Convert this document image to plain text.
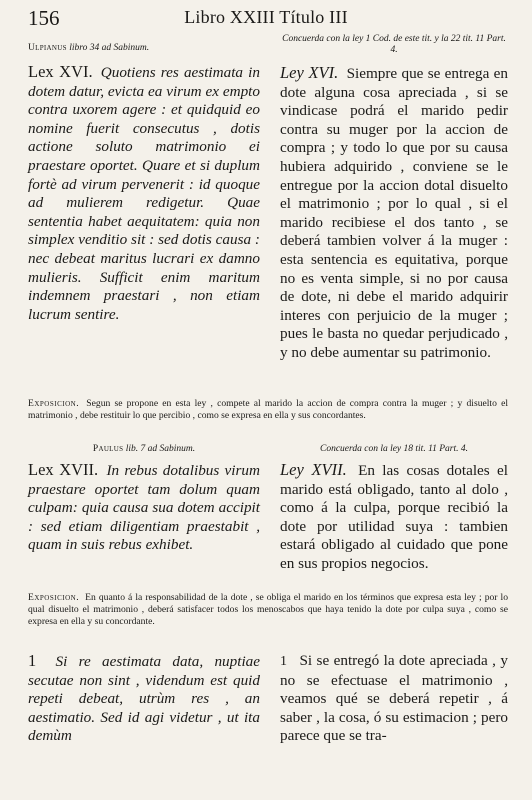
156	Libro XXIII Título III
Ulpianus libro 34 ad Sabinum.
Lex XVI. Quotiens res aestimata in dotem datur, evicta ea virum ex empto contra uxorem agere : et quidquid eo nomine fuerit consecutus , dotis actione soluto matrimonio ei praestare oportet. Quare et si duplum fortè ad virum pervenerit : id quoque ad mulierem redigetur. Quae sententia habet aequitatem: quia non simplex venditio sit : sed dotis causa : nec debeat maritus lucrari ex damno mulieris. Sufficit enim maritum indemnem praestari , non etiam lucrum sentire.
Concuerda con la ley 1 Cod. de este tit. y la 22 tit. 11 Part. 4.
Ley XVI. Siempre que se entrega en dote alguna cosa apreciada , si se vindicase podrá el marido pedir contra su muger por la accion de compra ; y todo lo que por su causa hubiera adquirido , conviene se le entregue por la accion dotal disuelto el matrimonio ; por lo qual , si el marido recibiese el dos tanto , se deberá tambien volver á la muger : esta sentencia es equitativa, porque no es venta simple, si no por causa de dote, ni debe el marido adquirir interes con perjuicio de la muger ; pues le basta no quedar perjudicado , y no debe aumentar su patrimonio.
Exposicion. Segun se propone en esta ley , compete al marido la accion de compra contra la muger ; y disuelto el matrimonio , debe restituir lo que percibio , como se expresa en ella y sus concordantes.
Paulus lib. 7 ad Sabinum.
Lex XVII. In rebus dotalibus virum praestare oportet tam dolum quam culpam: quia causa sua dotem accipit : sed etiam diligentiam praestabit , quam in suis rebus exhibet.
Concuerda con la ley 18 tit. 11 Part. 4.
Ley XVII. En las cosas dotales el marido está obligado, tanto al dolo , como á la culpa, porque recibió la dote por utilidad suya : tambien estará obligado al cuidado que pone en sus propios negocios.
Exposicion. En quanto á la responsabilidad de la dote , se obliga el marido en los términos que expresa esta ley ; por lo qual disuelto el matrimonio , deberá satisfacer todos los menoscabos que haya tenido la dote por culpa suya , como se expresa en ella y su concordante.
1 Si re aestimata data, nuptiae secutae non sint , videndum est quid repeti debeat, utrùm res , an aestimatio. Sed id agi videtur , ut ita demùm
1 Si se entregó la dote apreciada , y no se efectuase el matrimonio , veamos qué se deberá repetir , á saber , la cosa, ó su estimacion ; pero parece que se tra-
